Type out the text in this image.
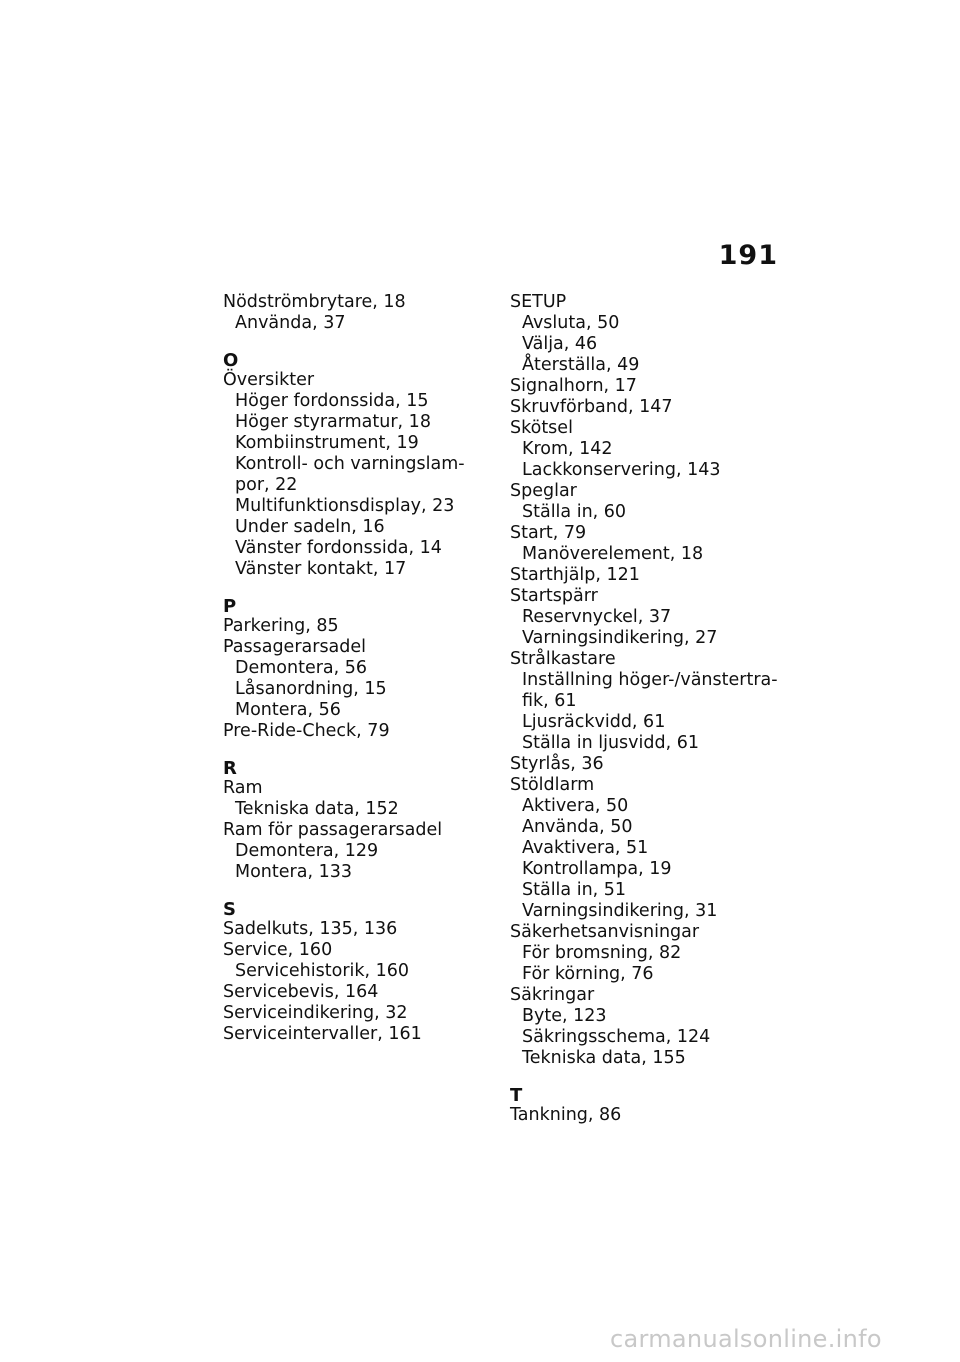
191
Nödströmbrytare, 18
Använda, 37
O
Översikter
Höger fordonssida, 15
Höger styrarmatur, 18
Kombiinstrument, 19
Kontroll- och varningslam-
por, 22
Multifunktionsdisplay, 23
Under sadeln, 16
Vänster fordonssida, 14
Vänster kontakt, 17
P
Parkering, 85
Passagerarsadel
Demontera, 56
Låsanordning, 15
Montera, 56
Pre-Ride-Check, 79
R
Ram
Tekniska data, 152
Ram för passagerarsadel
Demontera, 129
Montera, 133
S
Sadelkuts, 135, 136
Service, 160
Servicehistorik, 160
Servicebevis, 164
Serviceindikering, 32
Serviceintervaller, 161
SETUP
Avsluta, 50
Välja, 46
Återställa, 49
Signalhorn, 17
Skruvförband, 147
Skötsel
Krom, 142
Lackkonservering, 143
Speglar
Ställa in, 60
Start, 79
Manöverelement, 18
Starthjälp, 121
Startspärr
Reservnyckel, 37
Varningsindikering, 27
Strålkastare
Inställning höger-/vänstertra-
fik, 61
Ljusräckvidd, 61
Ställa in ljusvidd, 61
Styrlås, 36
Stöldlarm
Aktivera, 50
Använda, 50
Avaktivera, 51
Kontrollampa, 19
Ställa in, 51
Varningsindikering, 31
Säkerhetsanvisningar
För bromsning, 82
För körning, 76
Säkringar
Byte, 123
Säkringsschema, 124
Tekniska data, 155
T
Tankning, 86
carmanualsonline.info
